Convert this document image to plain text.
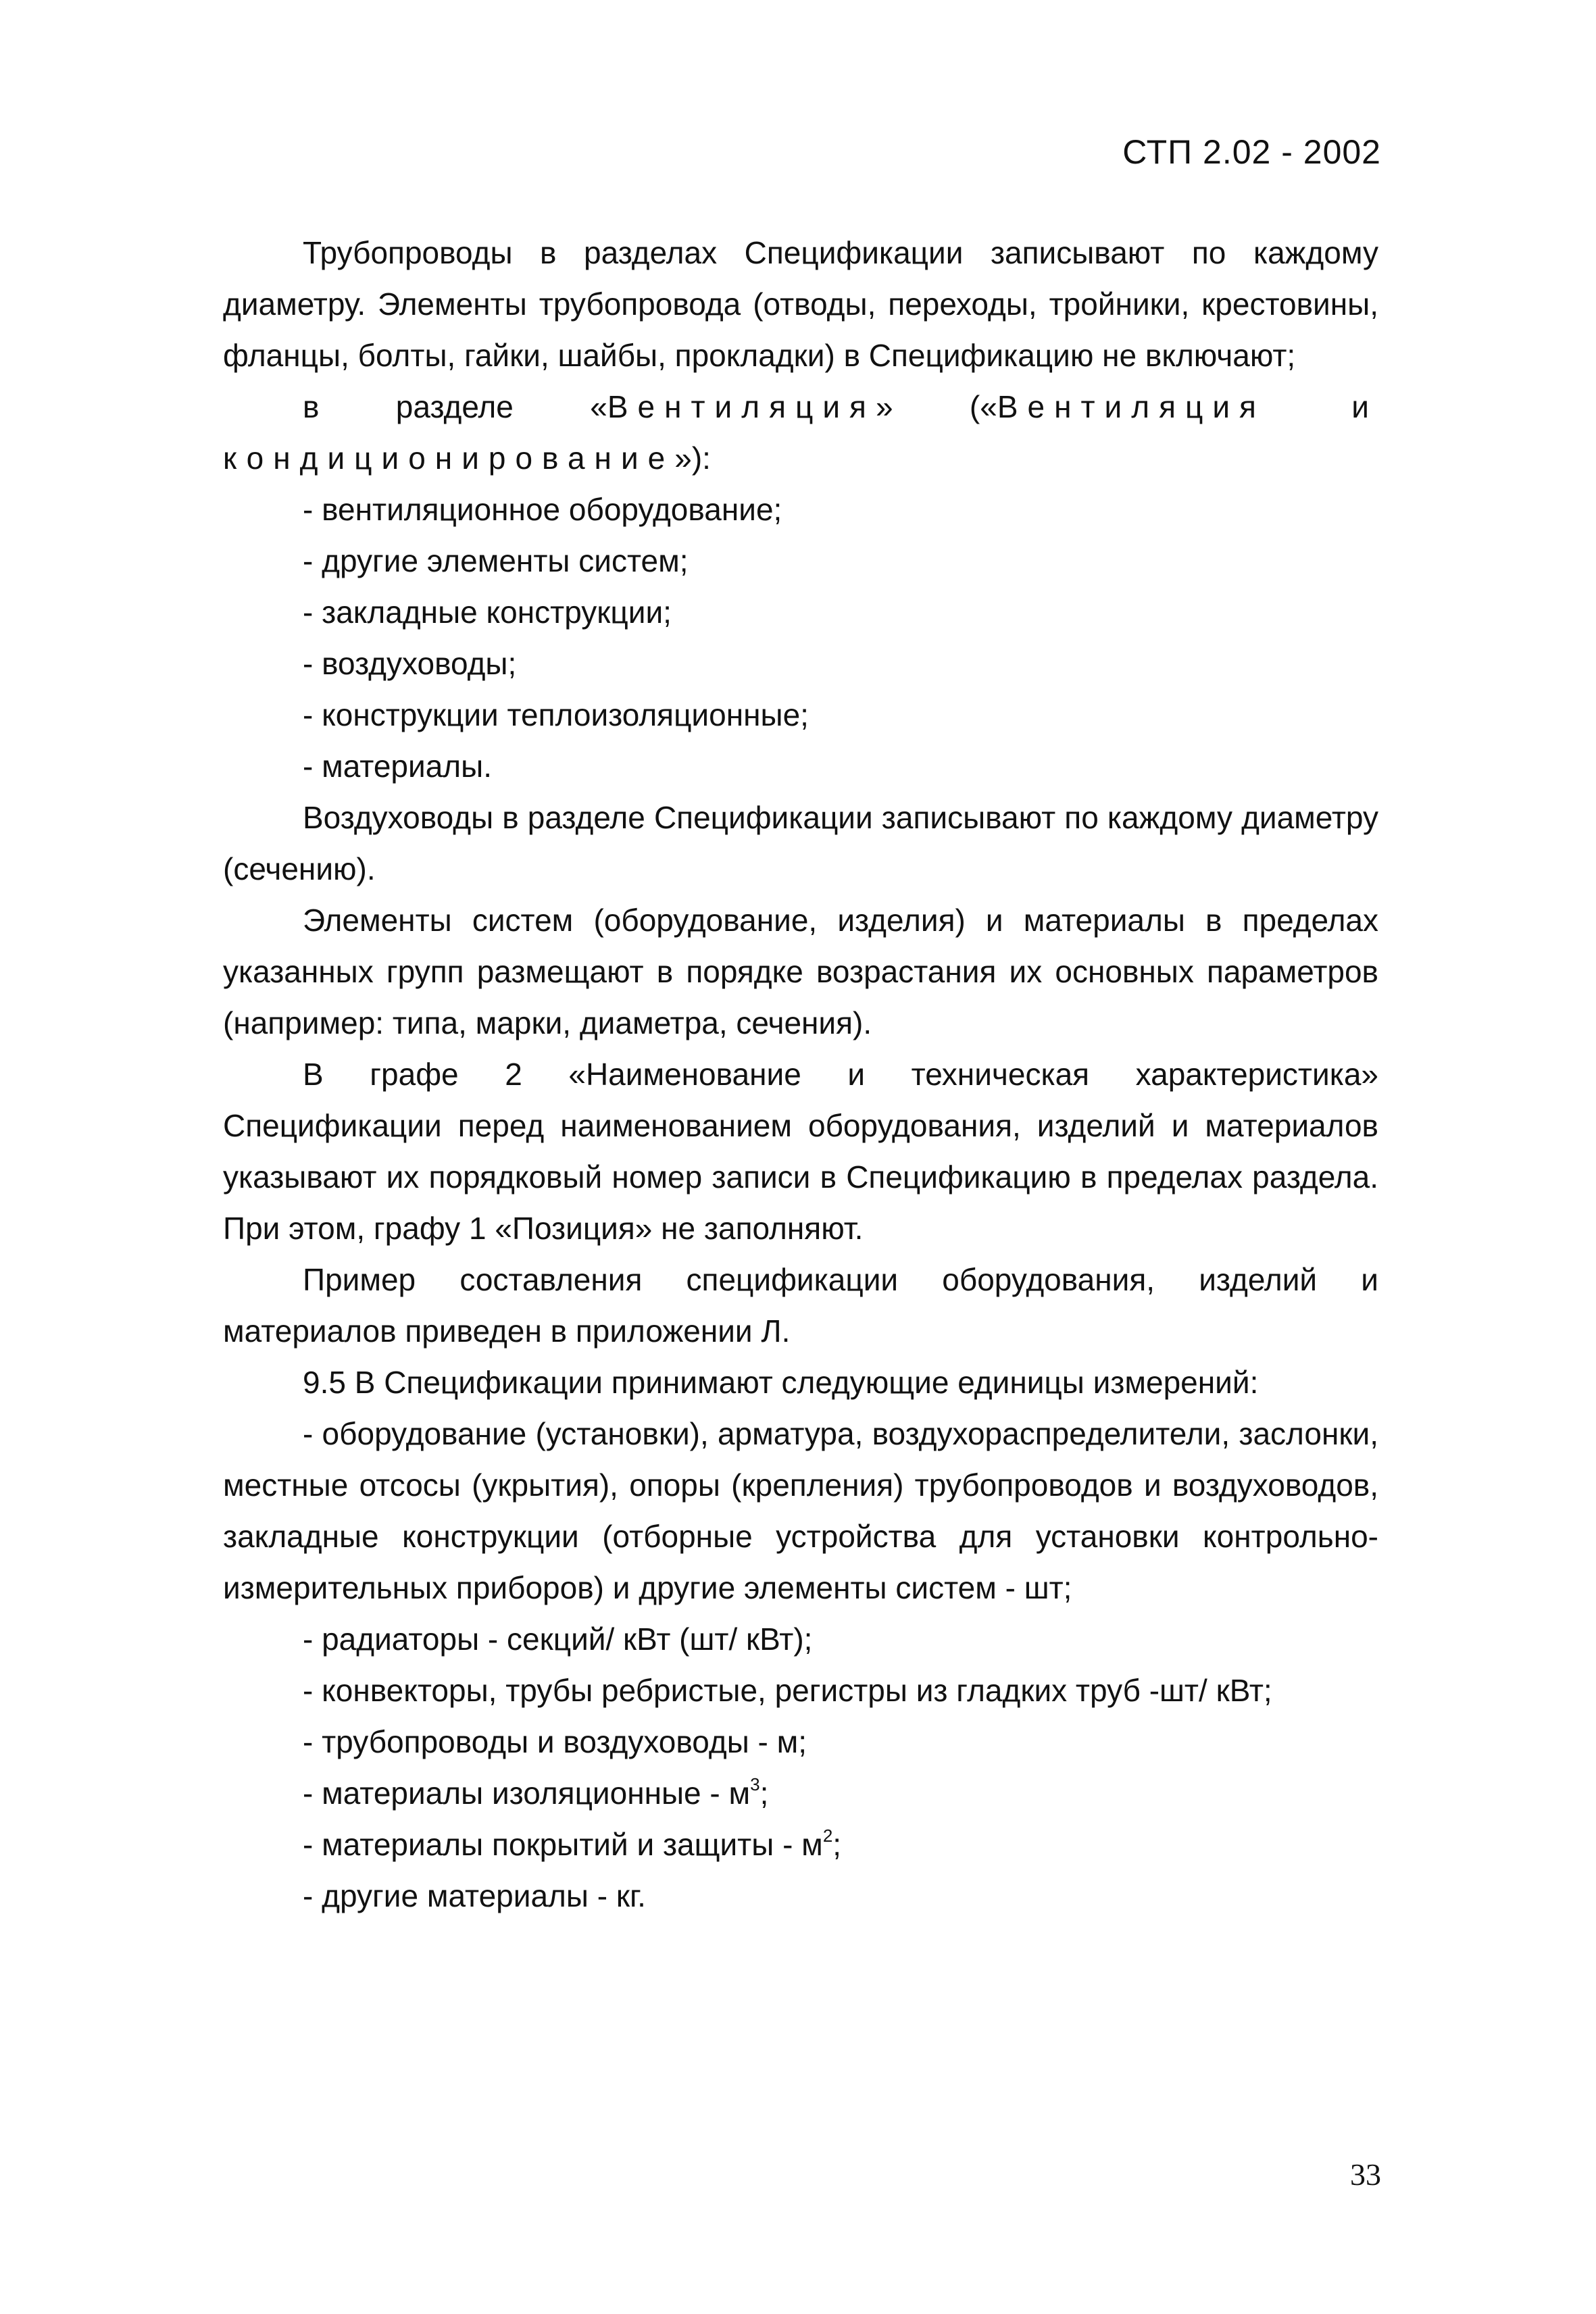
СТП 2.02 - 2002

Трубопроводы в разделах Спецификации записывают по каждому диаметру. Элементы трубопровода (отводы, переходы, тройники, крестовины, фланцы, болты, гайки, шайбы, прокладки) в Спецификацию не включают;

в разделе «Вентиляция» («Вентиляция и кондиционирование»):

- вентиляционное оборудование;

- другие элементы систем;

- закладные конструкции;

- воздуховоды;

- конструкции теплоизоляционные;

- материалы.

Воздуховоды в разделе Спецификации записывают по каждому диаметру (сечению).

Элементы систем (оборудование, изделия) и материалы в пределах указанных групп размещают в порядке возрастания их основных параметров (например: типа, марки, диаметра, сечения).

В графе 2 «Наименование и техническая характеристика» Спецификации перед наименованием оборудования, изделий и материалов указывают их порядковый номер записи в Спецификацию в пределах раздела. При этом, графу 1 «Позиция» не заполняют.

Пример составления спецификации оборудования, изделий и материалов приведен в приложении Л.

9.5 В Спецификации принимают следующие единицы измерений:

- оборудование (установки), арматура, воздухораспределители, заслонки, местные отсосы (укрытия), опоры (крепления) трубопроводов и воздуховодов, закладные конструкции (отборные устройства для установки контрольно-измерительных приборов) и другие элементы систем - шт;

- радиаторы - секций/ кВт (шт/ кВт);

- конвекторы, трубы ребристые, регистры из гладких труб -шт/ кВт;

- трубопроводы и воздуховоды - м;

- материалы изоляционные - $м^3$;

- материалы покрытий и защиты - $м^2$;

- другие материалы - кг.

33
